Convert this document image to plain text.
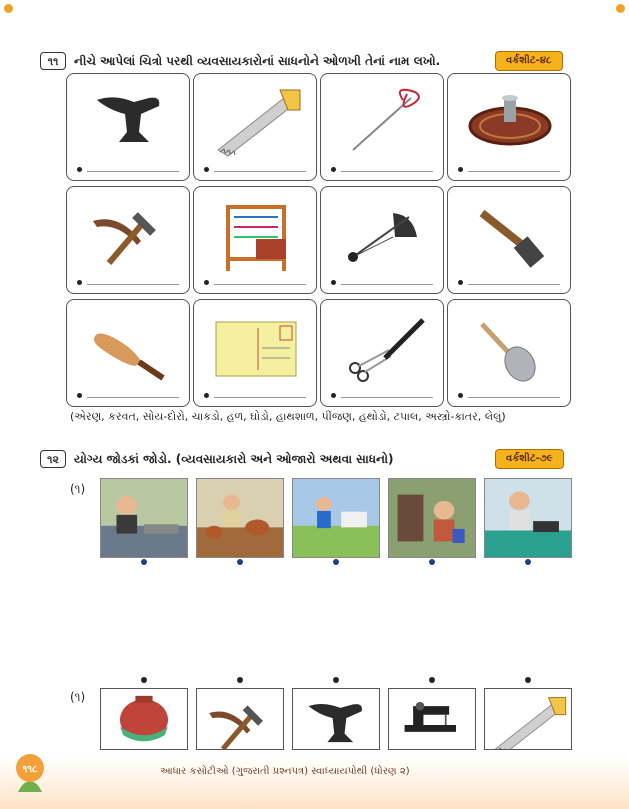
૧૧	નીચે આપેલાં ચિત્રો પરથી વ્યવસાયકારોનાં સાધનોને ઓળખી તેનાં નામ લખો.	વર્કશીટ-૪૮
(એરણ, કરવત, સોય-દોરો, ચાકડો, હળ, ઘોડો, હાથશાળ, પીંજણ, હથોડો, ટપાલ, અસ્ત્રો-કાતર, લેલું)
૧૨	યોગ્ય જોડકાં જોડો. (વ્યવસાયકારો અને ઓજારો અથવા સાધનો)	વર્કશીટ-૭૯
(૧)
(૧)
૧૧૮	આધાર કસોટીઓ (ગુજરાતી પ્રશ્નપત્ર) સ્વાધ્યાયપોથી (ધોરણ ૨)
